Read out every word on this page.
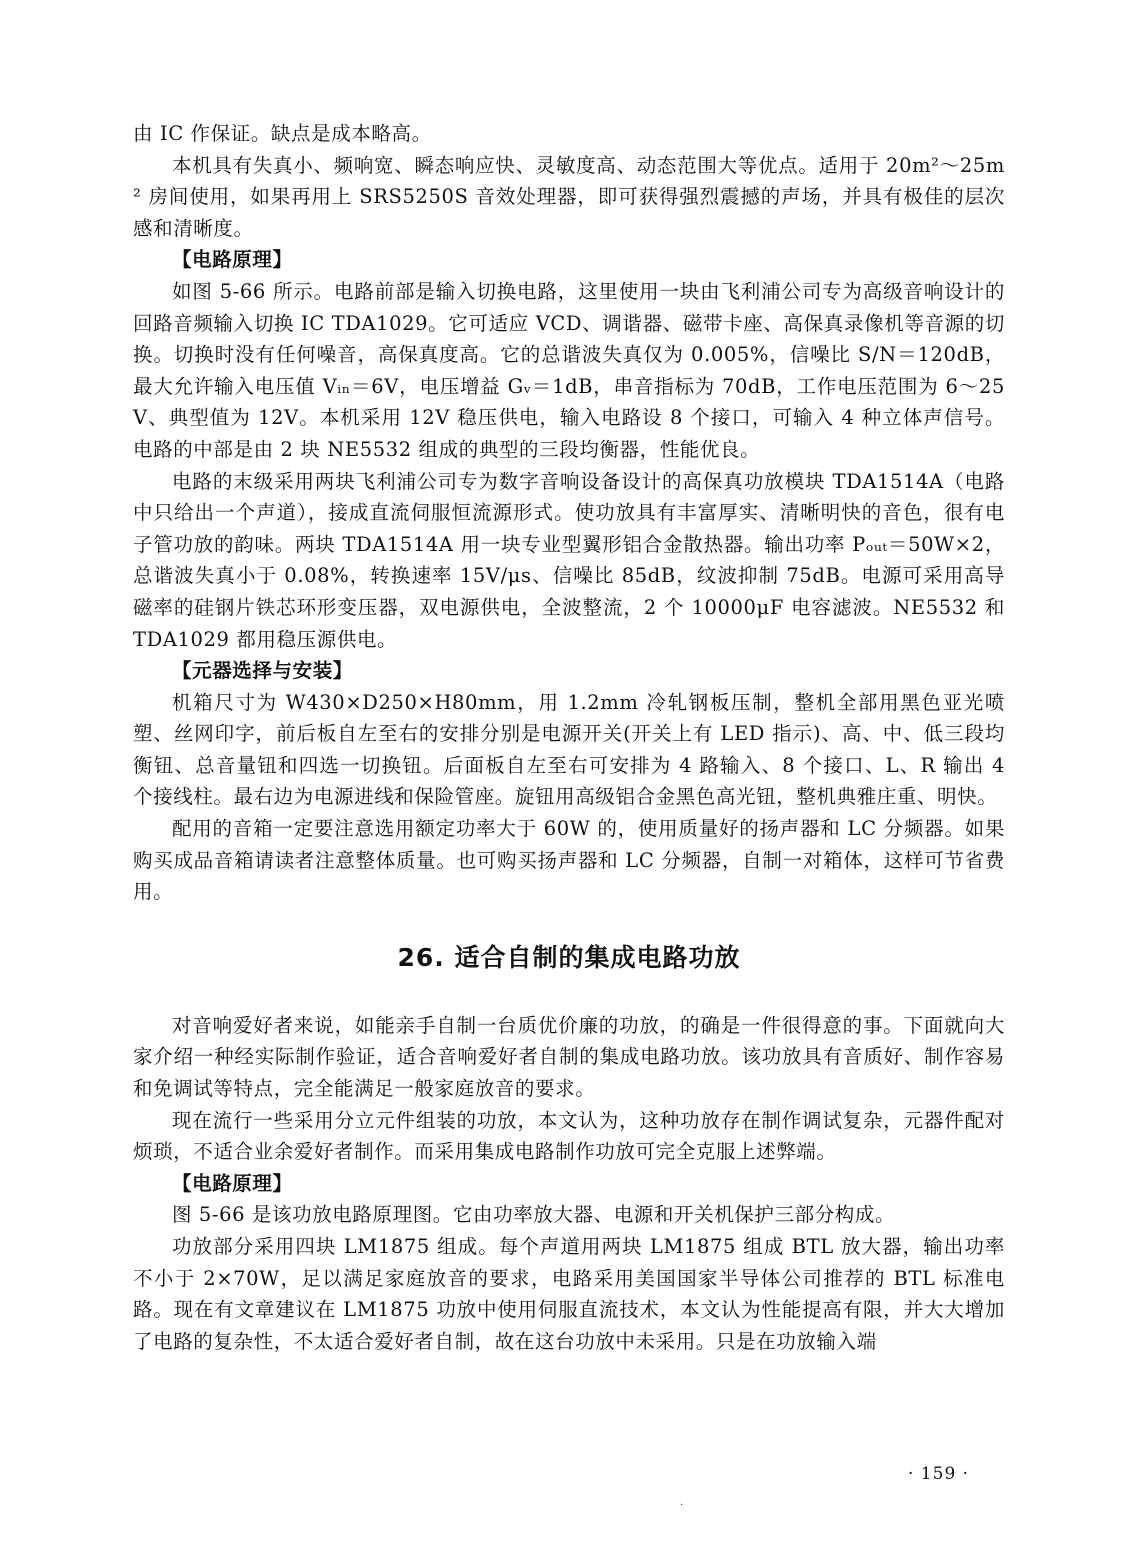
由 IC 作保证。缺点是成本略高。

本机具有失真小、频响宽、瞬态响应快、灵敏度高、动态范围大等优点。适用于 20m²～25m² 房间使用，如果再用上 SRS5250S 音效处理器，即可获得强烈震撼的声场，并具有极佳的层次感和清晰度。

【电路原理】

如图 5-66 所示。电路前部是输入切换电路，这里使用一块由飞利浦公司专为高级音响设计的回路音频输入切换 IC TDA1029。它可适应 VCD、调谐器、磁带卡座、高保真录像机等音源的切换。切换时没有任何噪音，高保真度高。它的总谐波失真仅为 0.005%，信噪比 S/N＝120dB，最大允许输入电压值 Vᵢₙ＝6V，电压增益 Gᵥ＝1dB，串音指标为 70dB，工作电压范围为 6～25V、典型值为 12V。本机采用 12V 稳压供电，输入电路设 8 个接口，可输入 4 种立体声信号。电路的中部是由 2 块 NE5532 组成的典型的三段均衡器，性能优良。

电路的末级采用两块飞利浦公司专为数字音响设备设计的高保真功放模块 TDA1514A（电路中只给出一个声道），接成直流伺服恒流源形式。使功放具有丰富厚实、清晰明快的音色，很有电子管功放的韵味。两块 TDA1514A 用一块专业型翼形铝合金散热器。输出功率 Pₒᵤₜ＝50W×2，总谐波失真小于 0.08%，转换速率 15V/μs、信噪比 85dB，纹波抑制 75dB。电源可采用高导磁率的硅钢片铁芯环形变压器，双电源供电，全波整流，2 个 10000μF 电容滤波。NE5532 和 TDA1029 都用稳压源供电。

【元器选择与安装】

机箱尺寸为 W430×D250×H80mm，用 1.2mm 冷轧钢板压制，整机全部用黑色亚光喷塑、丝网印字，前后板自左至右的安排分别是电源开关(开关上有 LED 指示)、高、中、低三段均衡钮、总音量钮和四选一切换钮。后面板自左至右可安排为 4 路输入、8 个接口、L、R 输出 4 个接线柱。最右边为电源进线和保险管座。旋钮用高级铝合金黑色高光钮，整机典雅庄重、明快。

配用的音箱一定要注意选用额定功率大于 60W 的，使用质量好的扬声器和 LC 分频器。如果购买成品音箱请读者注意整体质量。也可购买扬声器和 LC 分频器，自制一对箱体，这样可节省费用。

26. 适合自制的集成电路功放

对音响爱好者来说，如能亲手自制一台质优价廉的功放，的确是一件很得意的事。下面就向大家介绍一种经实际制作验证，适合音响爱好者自制的集成电路功放。该功放具有音质好、制作容易和免调试等特点，完全能满足一般家庭放音的要求。

现在流行一些采用分立元件组装的功放，本文认为，这种功放存在制作调试复杂，元器件配对烦琐，不适合业余爱好者制作。而采用集成电路制作功放可完全克服上述弊端。

【电路原理】

图 5-66 是该功放电路原理图。它由功率放大器、电源和开关机保护三部分构成。

功放部分采用四块 LM1875 组成。每个声道用两块 LM1875 组成 BTL 放大器，输出功率不小于 2×70W，足以满足家庭放音的要求，电路采用美国国家半导体公司推荐的 BTL 标准电路。现在有文章建议在 LM1875 功放中使用伺服直流技术，本文认为性能提高有限，并大大增加了电路的复杂性，不太适合爱好者自制，故在这台功放中未采用。只是在功放输入端

· 159 ·
·
